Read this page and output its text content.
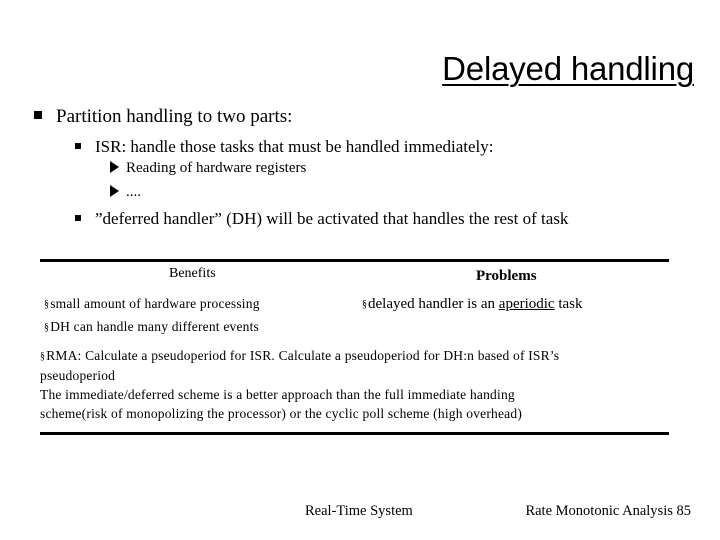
Delayed handling
Partition handling to two parts:
ISR: handle those tasks that must be handled immediately:
Reading of hardware registers
....
”deferred handler” (DH) will be activated that handles the rest of task
Benefits	Problems
§small amount of hardware processing
§DH can handle many different events
§delayed handler is an aperiodic task
§RMA: Calculate a pseudoperiod for ISR. Calculate a pseudoperiod for DH:n based of ISR’s
pseudoperiod
The immediate/deferred scheme is a better approach than the full immediate handing
scheme(risk of monopolizing the processor) or the cyclic poll scheme (high overhead)
Real-Time System	Rate Monotonic Analysis 85
